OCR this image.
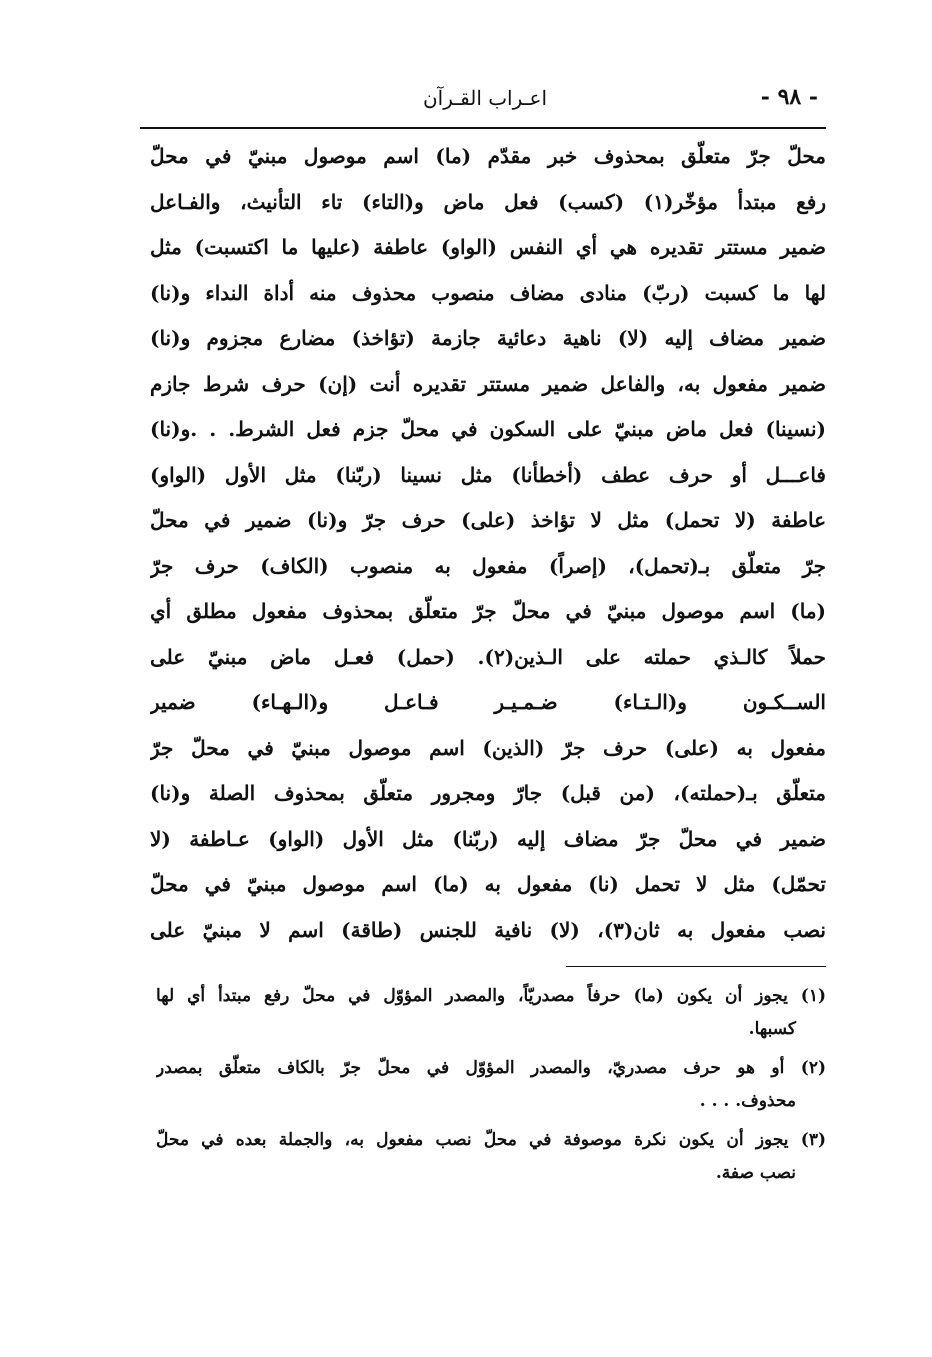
- ٩٨ -
اعـراب القـرآن
محلّ جرّ متعلّق بمحذوف خبر مقدّم (ما) اسم موصول مبنيّ في محلّ
رفع مبتدأ مؤخّر(١) (كسب) فعل ماض و(التاء) تاء التأنيث، والفـاعل
ضمير مستتر تقديره هي أي النفس (الواو) عاطفة (عليها ما اكتسبت) مثل
لها ما كسبت (ربّ) منادى مضاف منصوب محذوف منه أداة النداء و(نا)
ضمير مضاف إليه (لا) ناهية دعائية جازمة (تؤاخذ) مضارع مجزوم و(نا)
ضمير مفعول به، والفاعل ضمير مستتر تقديره أنت (إن) حرف شرط جازم
(نسينا) فعل ماض مبنيّ على السكون في محلّ جزم فعل الشرط. . .و(نا)
فاعـــل أو حرف عطف (أخطأنا) مثل نسينا (ربّنا) مثل الأول (الواو)
عاطفة (لا تحمل) مثل لا تؤاخذ (على) حرف جرّ و(نا) ضمير في محلّ
جرّ متعلّق بـ(تحمل)، (إصراً) مفعول به منصوب (الكاف) حرف جرّ
(ما) اسم موصول مبنيّ في محلّ جرّ متعلّق بمحذوف مفعول مطلق أي
حملاً كالـذي حملته على الـذين(٢). (حمل) فعـل ماض مبنيّ على
الســكـون و(الـتـاء) ضـمـيـر فـاعـل و(الـهـاء) ضمير
مفعول به (على) حرف جرّ (الذين) اسم موصول مبنيّ في محلّ جرّ
متعلّق بـ(حملته)، (من قبل) جارّ ومجرور متعلّق بمحذوف الصلة و(نا)
ضمير في محلّ جرّ مضاف إليه (ربّنا) مثل الأول (الواو) عـاطفة (لا
تحمّل) مثل لا تحمل (نا) مفعول به (ما) اسم موصول مبنيّ في محلّ
نصب مفعول به ثان(٣)، (لا) نافية للجنس (طاقة) اسم لا مبنيّ على
(١) يجوز أن يكون (ما) حرفاً مصدريّاً، والمصدر المؤوّل في محلّ رفع مبتدأ أي لها
كسبها.
(٢) أو هو حرف مصدريّ، والمصدر المؤوّل في محلّ جرّ بالكاف متعلّق بمصدر
محذوف. . . .
(٣) يجوز أن يكون نكرة موصوفة في محلّ نصب مفعول به، والجملة بعده في محلّ
نصب صفة.
